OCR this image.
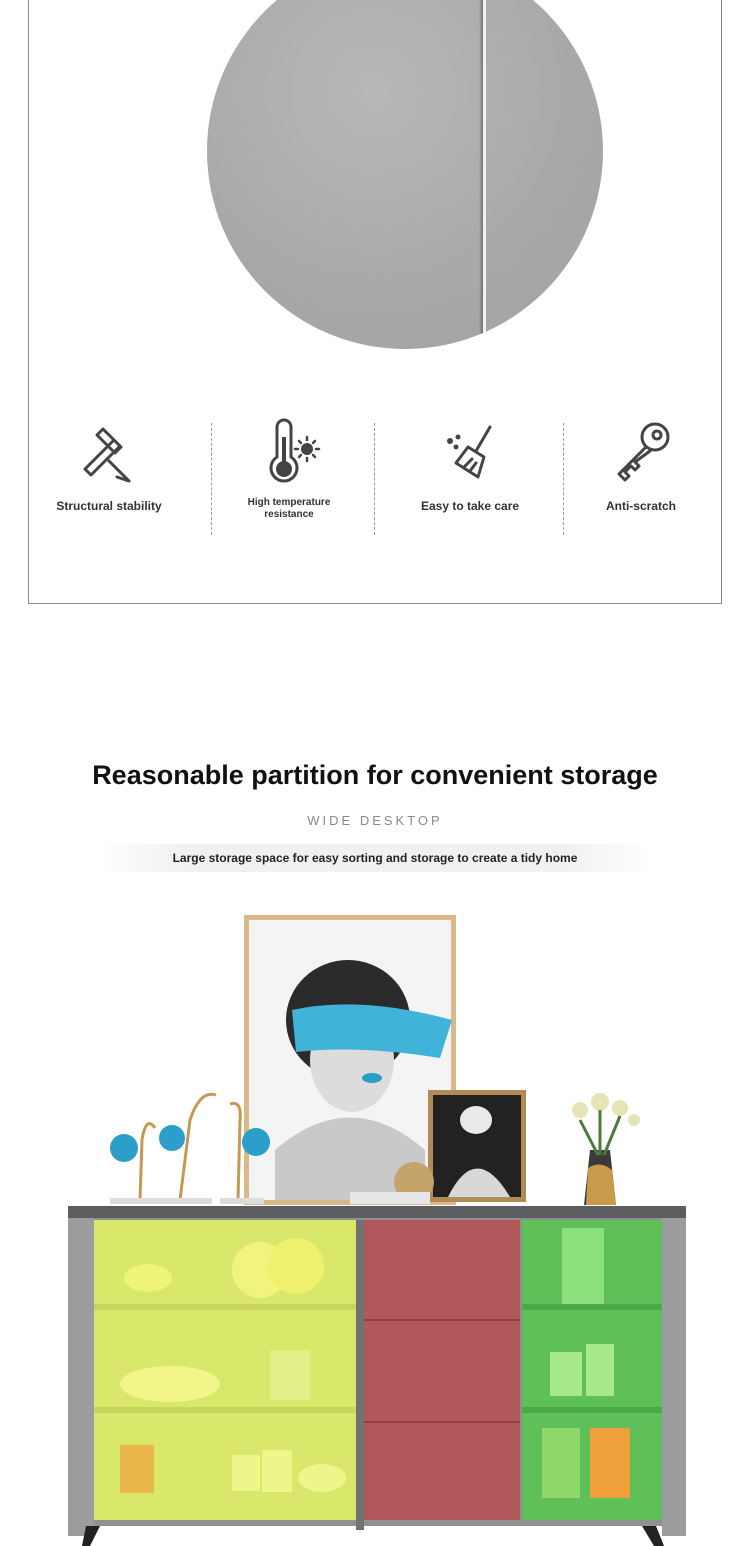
Structural stability	High temperature
resistance
Easy to take care	Anti-scratch
Reasonable partition for convenient storage
WIDE DESKTOP
Large storage space for easy sorting and storage to create a tidy home
